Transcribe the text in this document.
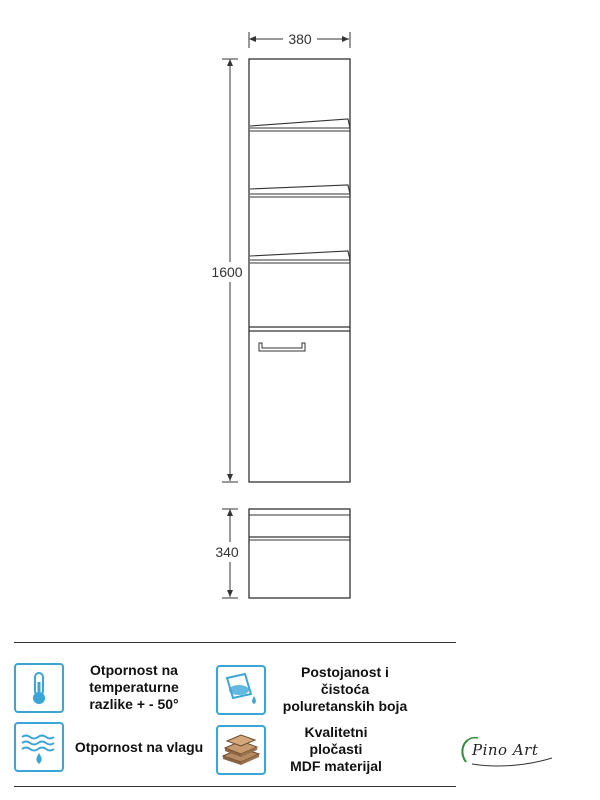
380
1600
340
Otpornost na
temperaturne
razlike + - 50°
Postojanost i čistoća
poluretanskih boja
Otpornost na vlagu
Kvalitetni pločasti
MDF materijal
Pino Art
